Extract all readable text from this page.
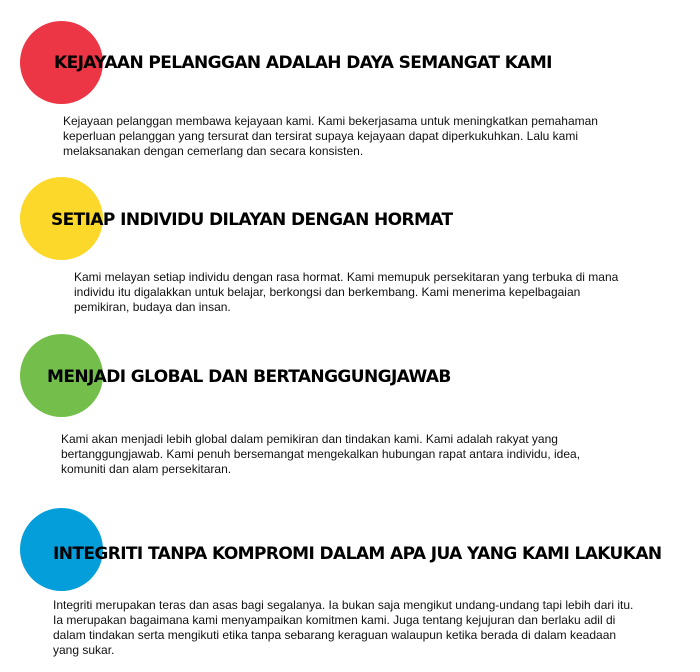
KEJAYAAN PELANGGAN ADALAH DAYA SEMANGAT KAMI
Kejayaan pelanggan membawa kejayaan kami. Kami bekerjasama untuk meningkatkan pemahaman
keperluan pelanggan yang tersurat dan tersirat supaya kejayaan dapat diperkukuhkan. Lalu kami
melaksanakan dengan cemerlang dan secara konsisten.
SETIAP INDIVIDU DILAYAN DENGAN HORMAT
Kami melayan setiap individu dengan rasa hormat. Kami memupuk persekitaran yang terbuka di mana
individu itu digalakkan untuk belajar, berkongsi dan berkembang. Kami menerima kepelbagaian
pemikiran, budaya dan insan.
MENJADI GLOBAL DAN BERTANGGUNGJAWAB
Kami akan menjadi lebih global dalam pemikiran dan tindakan kami. Kami adalah rakyat yang
bertanggungjawab. Kami penuh bersemangat mengekalkan hubungan rapat antara individu, idea,
komuniti dan alam persekitaran.
INTEGRITI TANPA KOMPROMI DALAM APA JUA YANG KAMI LAKUKAN
Integriti merupakan teras dan asas bagi segalanya. Ia bukan saja mengikut undang-undang tapi lebih dari itu.
Ia merupakan bagaimana kami menyampaikan komitmen kami. Juga tentang kejujuran dan berlaku adil di
dalam tindakan serta mengikuti etika tanpa sebarang keraguan walaupun ketika berada di dalam keadaan
yang sukar.
